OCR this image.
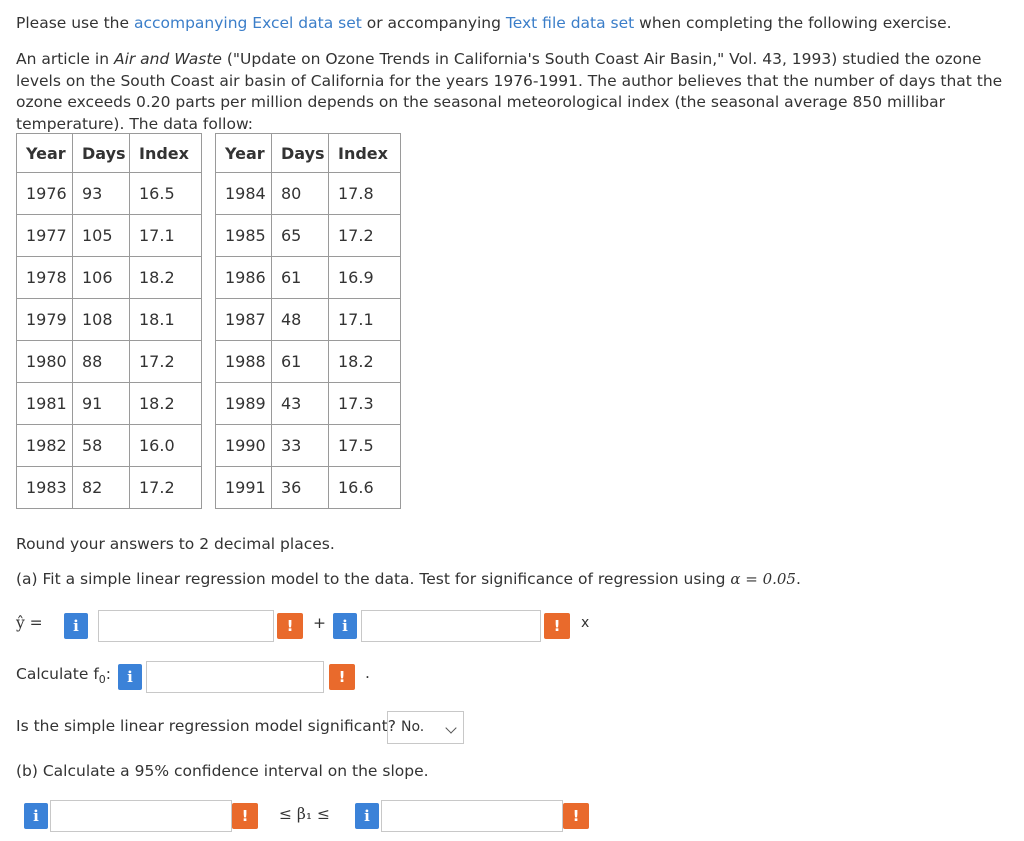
Please use the accompanying Excel data set or accompanying Text file data set when completing the following exercise.

An article in Air and Waste ("Update on Ozone Trends in California's South Coast Air Basin," Vol. 43, 1993) studied the ozone levels on the South Coast air basin of California for the years 1976-1991. The author believes that the number of days that the ozone exceeds 0.20 parts per million depends on the seasonal meteorological index (the seasonal average 850 millibar temperature). The data follow:

Year	Days	Index		Year	Days	Index
1976	93	16.5		1984	80	17.8
1977	105	17.1		1985	65	17.2
1978	106	18.2		1986	61	16.9
1979	108	18.1		1987	48	17.1
1980	88	17.2		1988	61	18.2
1981	91	18.2		1989	43	17.3
1982	58	16.0		1990	33	17.5
1983	82	17.2		1991	36	16.6
Round your answers to 2 decimal places.
(a) Fit a simple linear regression model to the data. Test for significance of regression using α = 0.05.
ŷ =	i	!	+	i	!	x
Calculate $f_0$:	i	!	.
Is the simple linear regression model significant? No.
(b) Calculate a 95% confidence interval on the slope.
i	!	≤ β₁ ≤	i	!
